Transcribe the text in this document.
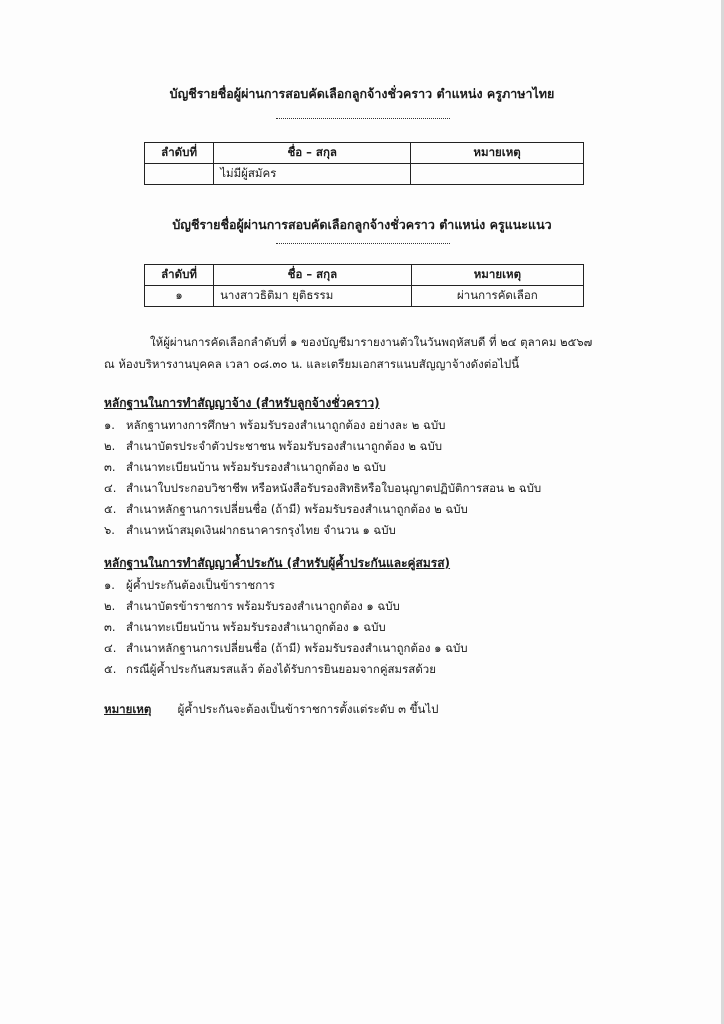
บัญชีรายชื่อผู้ผ่านการสอบคัดเลือกลูกจ้างชั่วคราว ตำแหน่ง ครูภาษาไทย
ลำดับที่	ชื่อ – สกุล	หมายเหตุ
	ไม่มีผู้สมัคร	
บัญชีรายชื่อผู้ผ่านการสอบคัดเลือกลูกจ้างชั่วคราว ตำแหน่ง ครูแนะแนว
ลำดับที่	ชื่อ – สกุล	หมายเหตุ
๑	นางสาวธิติมา ยุติธรรม	ผ่านการคัดเลือก
ให้ผู้ผ่านการคัดเลือกลำดับที่ ๑ ของบัญชีมารายงานตัวในวันพฤหัสบดี ที่ ๒๔ ตุลาคม ๒๕๖๗
ณ ห้องบริหารงานบุคคล เวลา ๐๘.๓๐ น. และเตรียมเอกสารแนบสัญญาจ้างดังต่อไปนี้
หลักฐานในการทำสัญญาจ้าง (สำหรับลูกจ้างชั่วคราว)
๑. หลักฐานทางการศึกษา พร้อมรับรองสำเนาถูกต้อง อย่างละ ๒ ฉบับ
๒. สำเนาบัตรประจำตัวประชาชน พร้อมรับรองสำเนาถูกต้อง ๒ ฉบับ
๓. สำเนาทะเบียนบ้าน พร้อมรับรองสำเนาถูกต้อง ๒ ฉบับ
๔. สำเนาใบประกอบวิชาชีพ หรือหนังสือรับรองสิทธิหรือใบอนุญาตปฏิบัติการสอน ๒ ฉบับ
๕. สำเนาหลักฐานการเปลี่ยนชื่อ (ถ้ามี) พร้อมรับรองสำเนาถูกต้อง ๒ ฉบับ
๖. สำเนาหน้าสมุดเงินฝากธนาคารกรุงไทย จำนวน ๑ ฉบับ
หลักฐานในการทำสัญญาค้ำประกัน (สำหรับผู้ค้ำประกันและคู่สมรส)
๑. ผู้ค้ำประกันต้องเป็นข้าราชการ
๒. สำเนาบัตรข้าราชการ พร้อมรับรองสำเนาถูกต้อง ๑ ฉบับ
๓. สำเนาทะเบียนบ้าน พร้อมรับรองสำเนาถูกต้อง ๑ ฉบับ
๔. สำเนาหลักฐานการเปลี่ยนชื่อ (ถ้ามี) พร้อมรับรองสำเนาถูกต้อง ๑ ฉบับ
๕. กรณีผู้ค้ำประกันสมรสแล้ว ต้องได้รับการยินยอมจากคู่สมรสด้วย
หมายเหตุ ผู้ค้ำประกันจะต้องเป็นข้าราชการตั้งแต่ระดับ ๓ ขึ้นไป
